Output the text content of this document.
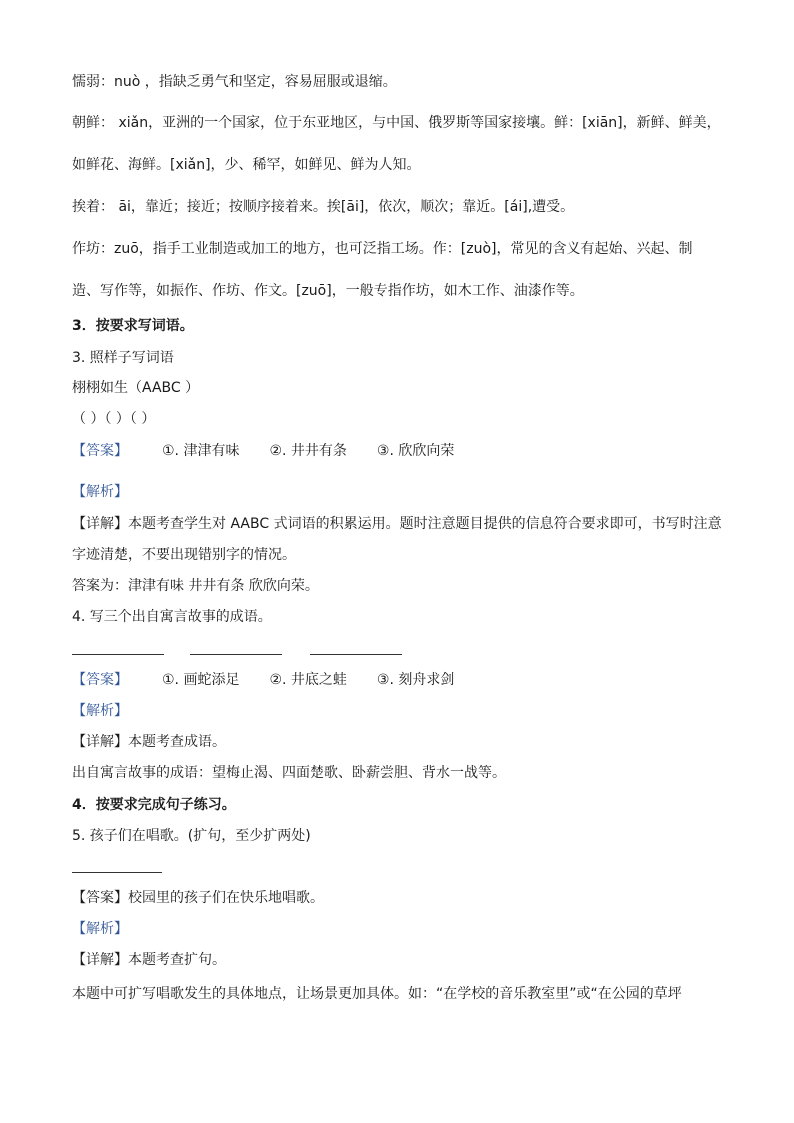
懦弱：nuò ，指缺乏勇气和坚定，容易屈服或退缩。
朝鲜： xiǎn，亚洲的一个国家，位于东亚地区，与中国、俄罗斯等国家接壤。鲜：[xiān]，新鲜、鲜美，
如鲜花、海鲜。[xiǎn]，少、稀罕，如鲜见、鲜为人知。
挨着： āi，靠近；接近；按顺序接着来。挨[āi]，依次，顺次；靠近。[ái],遭受。
作坊：zuō，指手工业制造或加工的地方，也可泛指工场。作：[zuò]，常见的含义有起始、兴起、制
造、写作等，如振作、作坊、作文。[zuō]，一般专指作坊，如木工作、油漆作等。
3．按要求写词语。
3. 照样子写词语
栩栩如生（AABC ）
（ ）（ ）（ ）
【答案】 ①. 津津有味 ②. 井井有条 ③. 欣欣向荣
【解析】
【详解】本题考查学生对 AABC 式词语的积累运用。题时注意题目提供的信息符合要求即可，书写时注意
字迹清楚，不要出现错别字的情况。
答案为：津津有味 井井有条 欣欣向荣。
4. 写三个出自寓言故事的成语。
【答案】 ①. 画蛇添足 ②. 井底之蛙 ③. 刻舟求剑
【解析】
【详解】本题考查成语。
出自寓言故事的成语：望梅止渴、四面楚歌、卧薪尝胆、背水一战等。
4．按要求完成句子练习。
5. 孩子们在唱歌。(扩句，至少扩两处)
【答案】校园里的孩子们在快乐地唱歌。
【解析】
【详解】本题考查扩句。
本题中可扩写唱歌发生的具体地点，让场景更加具体。如：“在学校的音乐教室里”或“在公园的草坪
